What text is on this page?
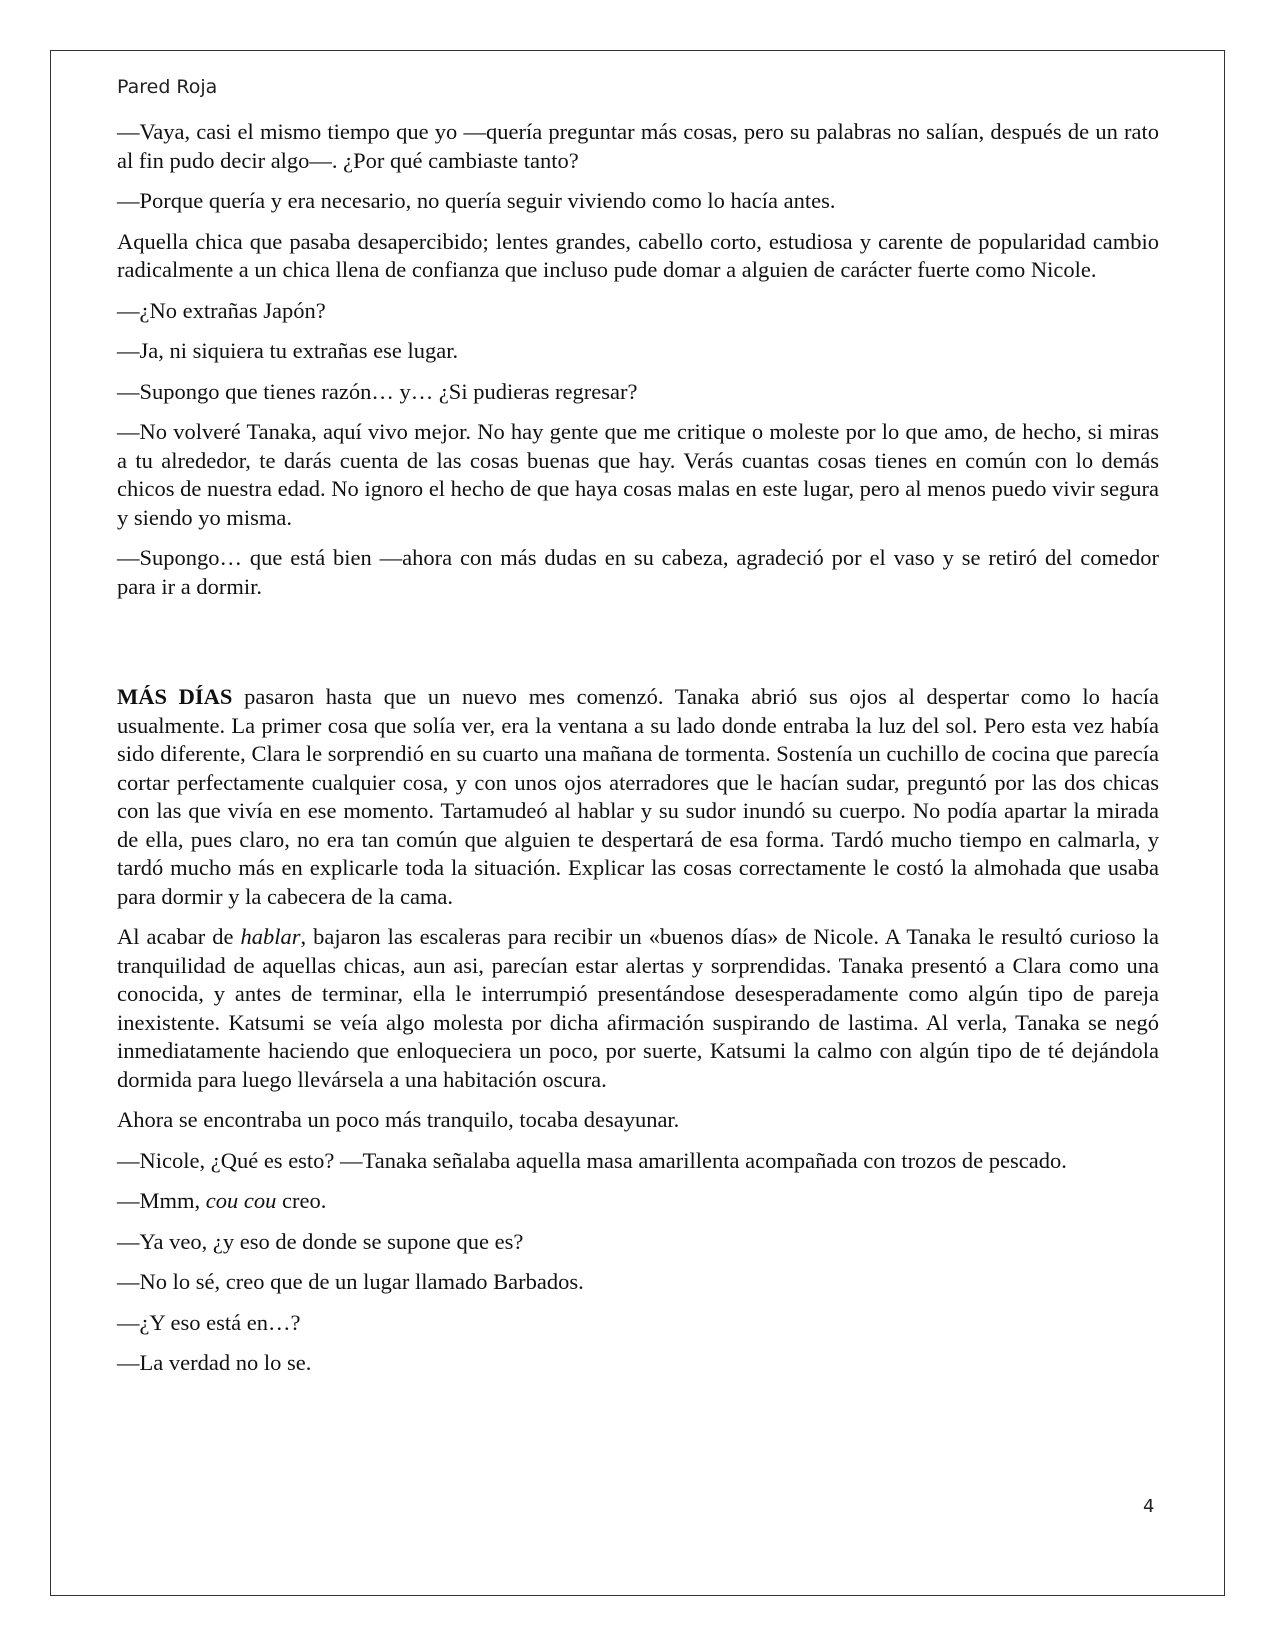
Pared Roja

—Vaya, casi el mismo tiempo que yo —quería preguntar más cosas, pero su palabras no salían, después de un rato al fin pudo decir algo—. ¿Por qué cambiaste tanto?

—Porque quería y era necesario, no quería seguir viviendo como lo hacía antes.

Aquella chica que pasaba desapercibido; lentes grandes, cabello corto, estudiosa y carente de popularidad cambio radicalmente a un chica llena de confianza que incluso pude domar a alguien de carácter fuerte como Nicole.

—¿No extrañas Japón?

—Ja, ni siquiera tu extrañas ese lugar.

—Supongo que tienes razón… y… ¿Si pudieras regresar?

—No volveré Tanaka, aquí vivo mejor. No hay gente que me critique o moleste por lo que amo, de hecho, si miras a tu alrededor, te darás cuenta de las cosas buenas que hay. Verás cuantas cosas tienes en común con lo demás chicos de nuestra edad. No ignoro el hecho de que haya cosas malas en este lugar, pero al menos puedo vivir segura y siendo yo misma.

—Supongo… que está bien —ahora con más dudas en su cabeza, agradeció por el vaso y se retiró del comedor para ir a dormir.

MÁS DÍAS pasaron hasta que un nuevo mes comenzó. Tanaka abrió sus ojos al despertar como lo hacía usualmente. La primer cosa que solía ver, era la ventana a su lado donde entraba la luz del sol. Pero esta vez había sido diferente, Clara le sorprendió en su cuarto una mañana de tormenta. Sostenía un cuchillo de cocina que parecía cortar perfectamente cualquier cosa, y con unos ojos aterradores que le hacían sudar, preguntó por las dos chicas con las que vivía en ese momento. Tartamudeó al hablar y su sudor inundó su cuerpo. No podía apartar la mirada de ella, pues claro, no era tan común que alguien te despertará de esa forma. Tardó mucho tiempo en calmarla, y tardó mucho más en explicarle toda la situación. Explicar las cosas correctamente le costó la almohada que usaba para dormir y la cabecera de la cama.

Al acabar de hablar, bajaron las escaleras para recibir un «buenos días» de Nicole. A Tanaka le resultó curioso la tranquilidad de aquellas chicas, aun asi, parecían estar alertas y sorprendidas. Tanaka presentó a Clara como una conocida, y antes de terminar, ella le interrumpió presentándose desesperadamente como algún tipo de pareja inexistente. Katsumi se veía algo molesta por dicha afirmación suspirando de lastima. Al verla, Tanaka se negó inmediatamente haciendo que enloqueciera un poco, por suerte, Katsumi la calmo con algún tipo de té dejándola dormida para luego llevársela a una habitación oscura.

Ahora se encontraba un poco más tranquilo, tocaba desayunar.

—Nicole, ¿Qué es esto? —Tanaka señalaba aquella masa amarillenta acompañada con trozos de pescado.

—Mmm, cou cou creo.

—Ya veo, ¿y eso de donde se supone que es?

—No lo sé, creo que de un lugar llamado Barbados.

—¿Y eso está en…?

—La verdad no lo se.

4
